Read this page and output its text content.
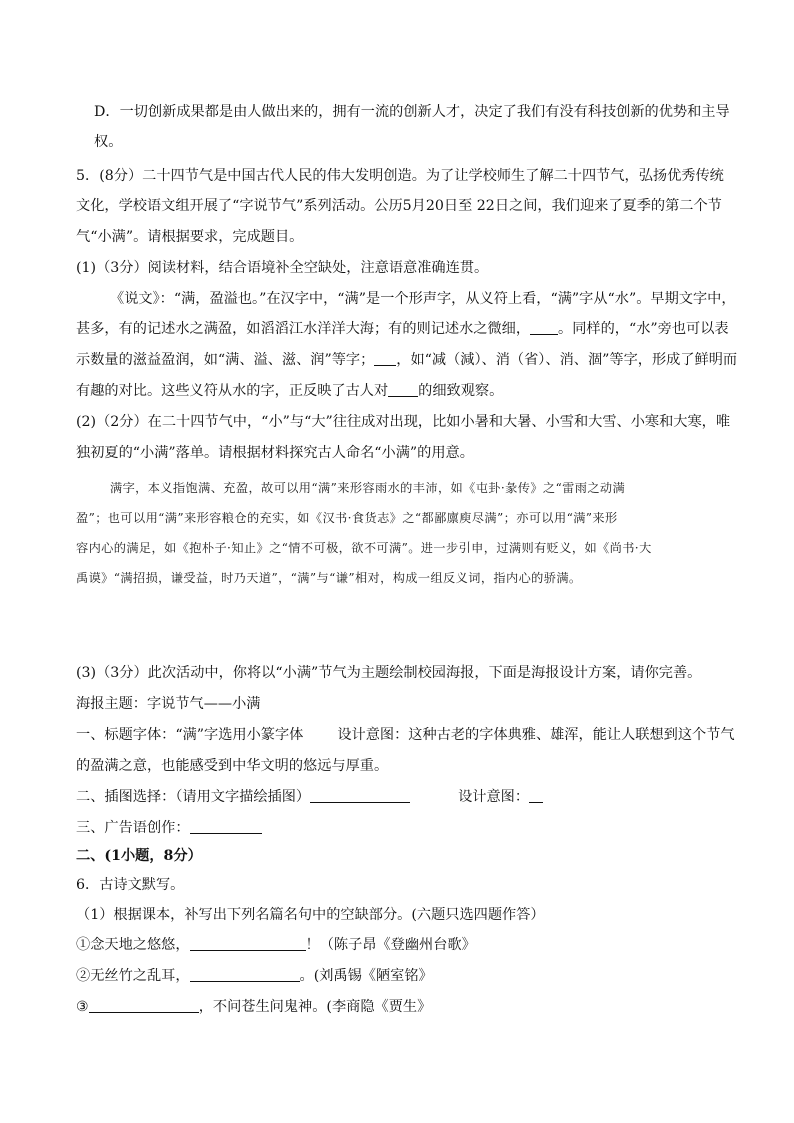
D．一切创新成果都是由人做出来的，拥有一流的创新人才，决定了我们有没有科技创新的优势和主导
权。
5．(8分）二十四节气是中国古代人民的伟大发明创造。为了让学校师生了解二十四节气，弘扬优秀传统
文化，学校语文组开展了“字说节气”系列活动。公历5月20日至 22日之间，我们迎来了夏季的第二个节
气“小满”。请根据要求，完成题目。
(1)（3分）阅读材料，结合语境补全空缺处，注意语意准确连贯。
《说文》：“满，盈溢也。”在汉字中，“满”是一个形声字，从义符上看，“满”字从“水”。早期文字中，
甚多，有的记述水之满盈，如滔滔江水洋洋大海；有的则记述水之微细， 。同样的，“水”旁也可以表
示数量的滋益盈润，如“满、溢、滋、润”等字； ，如“减（減）、消（省）、消、涸”等字，形成了鲜明而
有趣的对比。这些义符从水的字，正反映了古人对 的细致观察。
(2)（2分）在二十四节气中，“小”与“大”往往成对出现，比如小暑和大暑、小雪和大雪、小寒和大寒，唯
独初夏的“小满”落单。请根据材料探究古人命名“小满”的用意。
满字，本义指饱满、充盈，故可以用“满”来形容雨水的丰沛，如《屯卦·彖传》之“雷雨之动满
盈”；也可以用“满”来形容粮仓的充实，如《汉书·食货志》之“都鄙廪庾尽满”；亦可以用“满”来形
容内心的满足，如《抱朴子·知止》之“情不可极，欲不可满”。进一步引申，过满则有贬义，如《尚书·大
禹谟》“满招损，谦受益，时乃天道”，“满”与“谦”相对，构成一组反义词，指内心的骄满。
(3)（3分）此次活动中，你将以“小满”节气为主题绘制校园海报，下面是海报设计方案，请你完善。
海报主题：字说节气——小满
一、标题字体：“满”字选用小篆字体 设计意图：这种古老的字体典雅、雄浑，能让人联想到这个节气
的盈满之意，也能感受到中华文明的悠远与厚重。
二、插图选择：（请用文字描绘插图）	设计意图：
三、广告语创作：
二、(1小题，8分）
6．古诗文默写。
（1）根据课本，补写出下列名篇名句中的空缺部分。(六题只选四题作答）
①念天地之悠悠，	！（陈子昂《登幽州台歌》
②无丝竹之乱耳，	。(刘禹锡《陋室铭》
③	，不问苍生问鬼神。(李商隐《贾生》
